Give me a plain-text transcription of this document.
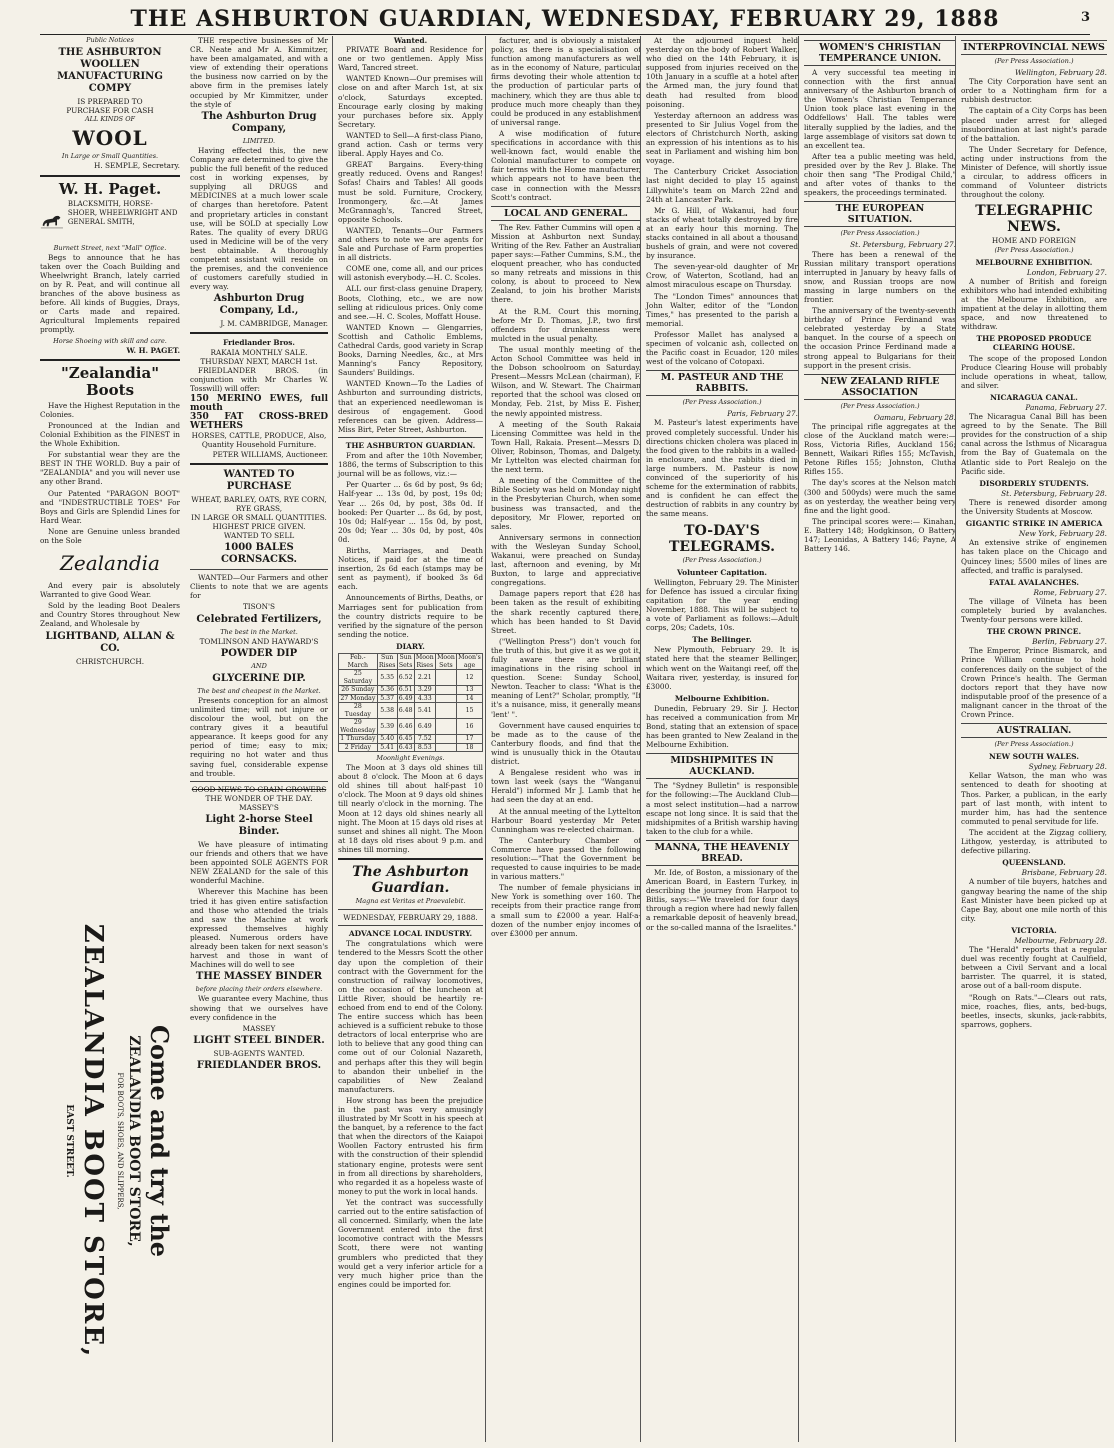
THE ASHBURTON GUARDIAN, WEDNESDAY, FEBRUARY 29, 1888	3
Public Notices
THE ASHBURTON WOOLLEN MANUFACTURING COMPY
IS PREPARED TO
PURCHASE FOR CASH
ALL KINDS OF
WOOL
In Large or Small Quantities.
H. SEMPLE, Secretary.
W. H. Paget.
BLACKSMITH, HORSE-SHOER, WHEELWRIGHT AND GENERAL SMITH,
Burnett Street, next "Mall" Office.

Begs to announce that he has taken over the Coach Building and Wheelwright Branch, lately carried on by R. Peat, and will continue all branches of the above business as before. All kinds of Buggies, Drays, or Carts made and repaired. Agricultural Implements repaired promptly.

Horse Shoeing with skill and care.
W. H. PAGET.
"Zealandia" Boots

Have the Highest Reputation in the Colonies.

Pronounced at the Indian and Colonial Exhibition as the FINEST in the Whole Exhibition.

For substantial wear they are the BEST IN THE WORLD. Buy a pair of "ZEALANDIA" and you will never use any other Brand.

Our Patented "PARAGON BOOT" and "INDESTRUCTIBLE TOES" For Boys and Girls are Splendid Lines for Hard Wear.

None are Genuine unless branded on the Sole

Zealandia

And every pair is absolutely Warranted to give Good Wear.

Sold by the leading Boot Dealers and Country Stores throughout New Zealand, and Wholesale by

LIGHTBAND, ALLAN & CO.
CHRISTCHURCH.
Come and try the
ZEALANDIA BOOT STORE,
FOR BOOTS, SHOES, AND SLIPPERS,
ZEALANDIA BOOT STORE,
EAST STREET.

THE respective businesses of Mr CR. Neate and Mr A. Kimmitzer, have been amalgamated, and with a view of extending their operations the business now carried on by the above firm in the premises lately occupied by Mr Kimmitzer, under the style of

The Ashburton Drug Company,
LIMITED.

Having effected this, the new Company are determined to give the public the full benefit of the reduced cost in working expenses, by supplying all DRUGS and MEDICINES at a much lower scale of charges than heretofore. Patent and proprietary articles in constant use, will be SOLD at specially Low Rates. The quality of every DRUG used in Medicine will be of the very best obtainable. A thoroughly competent assistant will reside on the premises, and the convenience of customers carefully studied in every way.

Ashburton Drug Company, Ld.,
J. M. CAMBRIDGE, Manager.
Friedlander Bros.
RAKAIA MONTHLY SALE.
THURSDAY NEXT, MARCH 1st.

FRIEDLANDER BROS. (in conjunction with Mr Charles W. Tosswill) will offer:

150 MERINO EWES, full mouth
350 FAT CROSS-BRED WETHERS
HORSES, CATTLE, PRODUCE, Also, Quantity Household Furniture.
PETER WILLIAMS, Auctioneer.
WANTED TO PURCHASE
WHEAT, BARLEY, OATS, RYE CORN, RYE GRASS,
IN LARGE OR SMALL QUANTITIES.
HIGHEST PRICE GIVEN.
WANTED TO SELL
1000 BALES CORNSACKS.

WANTED—Our Farmers and other Clients to note that we are agents for

TISON'S
Celebrated Fertilizers,
The best in the Market.
TOMLINSON AND HAYWARD'S
POWDER DIP
AND
GLYCERINE DIP.
The best and cheapest in the Market.

Presents conception for an almost unlimited time; will not injure or discolour the wool, but on the contrary gives it a beautiful appearance. It keeps good for any period of time; easy to mix; requiring no hot water and thus saving fuel, considerable expense and trouble.

GOOD NEWS TO GRAIN GROWERS
THE WONDER OF THE DAY.
MASSEY'S
Light 2-horse Steel Binder.

We have pleasure of intimating our friends and others that we have been appointed SOLE AGENTS FOR NEW ZEALAND for the sale of this wonderful Machine.

Wherever this Machine has been tried it has given entire satisfaction and those who attended the trials and saw the Machine at work expressed themselves highly pleased. Numerous orders have already been taken for next season's harvest and those in want of Machines will do well to see

THE MASSEY BINDER
before placing their orders elsewhere.

We guarantee every Machine, thus showing that we ourselves have every confidence in the

MASSEY
LIGHT STEEL BINDER.
SUB-AGENTS WANTED.
FRIEDLANDER BROS.
Wanted.

PRIVATE Board and Residence for one or two gentlemen. Apply Miss Ward, Tancred street.

WANTED Known—Our premises will close on and after March 1st, at six o'clock, Saturdays excepted. Encourage early closing by making your purchases before six. Apply Secretary.

WANTED to Sell—A first-class Piano, grand action. Cash or terms very liberal. Apply Hayes and Co.

GREAT Bargains. Every-thing greatly reduced. Ovens and Ranges! Sofas! Chairs and Tables! All goods must be sold. Furniture, Crockery, Ironmongery, &c.—At James McGrannagh's, Tancred Street, opposite Schools.

WANTED, Tenants—Our Farmers and others to note we are agents for Sale and Purchase of Farm properties in all districts.

COME one, come all, and our prices will astonish everybody.—H. C. Scoles.

ALL our first-class genuine Drapery, Boots, Clothing, etc., we are now selling at ridiculous prices. Only come and see.—H. C. Scoles, Moffatt House.

WANTED Known — Glengarries, Scottish and Catholic Emblems, Cathedral Cards, good variety in Scrap Books, Darning Needles, &c., at Mrs Manning's Fancy Repository, Saunders' Buildings.

WANTED Known—To the Ladies of Ashburton and surrounding districts, that an experienced needlewoman is desirous of engagement. Good references can be given. Address—Miss Birt, Peter Street, Ashburton.

THE ASHBURTON GUARDIAN.

From and after the 10th November, 1886, the terms of Subscription to this journal will be as follows, viz.:—

Per Quarter ... 6s 6d by post, 9s 6d; Half-year ... 13s 0d, by post, 19s 0d; Year ... 26s 0d, by post, 38s 0d. If booked: Per Quarter ... 8s 6d, by post, 10s 0d; Half-year ... 15s 0d, by post, 20s 0d; Year ... 30s 0d, by post, 40s 0d.

Births, Marriages, and Death Notices, if paid for at the time of insertion, 2s 6d each (stamps may be sent as payment), if booked 3s 6d each.

Announcements of Births, Deaths, or Marriages sent for publication from the country districts require to be verified by the signature of the person sending the notice.

DIARY.
Feb.-March	Sun Rises	Sun Sets	Moon Rises	Moon Sets	Moon's age
25 Saturday	5.35	6.52	2.21		12
26 Sunday	5.36	6.51	3.29		13
27 Monday	5.37	6.49	4.33		14
28 Tuesday	5.38	6.48	5.41		15
29 Wednesday	5.39	6.46	6.49		16
1 Thursday	5.40	6.45	7.52		17
2 Friday	5.41	6.43	8.53		18
Moonlight Evenings.

The Moon at 3 days old shines till about 8 o'clock. The Moon at 6 days old shines till about half-past 10 o'clock. The Moon at 9 days old shines till nearly o'clock in the morning. The Moon at 12 days old shines nearly all night. The Moon at 15 days old rises at sunset and shines all night. The Moon at 18 days old rises about 9 p.m. and shines till morning.

The Ashburton Guardian.
Magna est Veritas et Praevalebit.
WEDNESDAY, FEBRUARY 29, 1888.
ADVANCE LOCAL INDUSTRY.

The congratulations which were tendered to the Messrs Scott the other day upon the completion of their contract with the Government for the construction of railway locomotives, on the occasion of the luncheon at Little River, should be heartily re-echoed from end to end of the Colony. The entire success which has been achieved is a sufficient rebuke to those detractors of local enterprise who are loth to believe that any good thing can come out of our Colonial Nazareth, and perhaps after this they will begin to abandon their unbelief in the capabilities of New Zealand manufacturers.

How strong has been the prejudice in the past was very amusingly illustrated by Mr Scott in his speech at the banquet, by a reference to the fact that when the directors of the Kaiapoi Woollen Factory entrusted his firm with the construction of their splendid stationary engine, protests were sent in from all directions by shareholders, who regarded it as a hopeless waste of money to put the work in local hands.

Yet the contract was successfully carried out to the entire satisfaction of all concerned. Similarly, when the late Government entered into the first locomotive contract with the Messrs Scott, there were not wanting grumblers who predicted that they would get a very inferior article for a very much higher price than the engines could be imported for.

facturer, and is obviously a mistaken policy, as there is a specialisation of function among manufacturers as well as in the economy of Nature, particular firms devoting their whole attention to the production of particular parts of machinery, which they are thus able to produce much more cheaply than they could be produced in any establishment of universal range.

A wise modification of future specifications in accordance with this well-known fact, would enable the Colonial manufacturer to compete on fair terms with the Home manufacturer, which appears not to have been the case in connection with the Messrs Scott's contract.

LOCAL AND GENERAL.

The Rev. Father Cummins will open a Mission at Ashburton next Sunday. Writing of the Rev. Father an Australian paper says:—Father Cummins, S.M., the eloquent preacher, who has conducted so many retreats and missions in this colony, is about to proceed to New Zealand, to join his brother Marists there.

At the R.M. Court this morning, before Mr D. Thomas, J.P., two first offenders for drunkenness were mulcted in the usual penalty.

The usual monthly meeting of the Acton School Committee was held in the Dobson schoolroom on Saturday. Present—Messrs McLean (chairman), F. Wilson, and W. Stewart. The Chairman reported that the school was closed on Monday, Feb. 21st, by Miss E. Fisher, the newly appointed mistress.

A meeting of the South Rakaia Licensing Committee was held in the Town Hall, Rakaia. Present—Messrs D. Oliver, Robinson, Thomas, and Dalgety. Mr Lyttelton was elected chairman for the next term.

A meeting of the Committee of the Bible Society was held on Monday night in the Presbyterian Church, when some business was transacted, and the depository, Mr Flower, reported on sales.

Anniversary sermons in connection with the Wesleyan Sunday School, Wakanui, were preached on Sunday last, afternoon and evening, by Mr Buxton, to large and appreciative congregations.

Damage papers report that £28 has been taken as the result of exhibiting the shark recently captured there, which has been handed to St David Street.

("Wellington Press") don't vouch for the truth of this, but give it as we got it, fully aware there are brilliant imaginations in the rising school in question. Scene: Sunday School, Newton. Teacher to class: "What is the meaning of Lent?" Scholar, promptly, "If it's a nuisance, miss, it generally means 'lent' ".

Government have caused enquiries to be made as to the cause of the Canterbury floods, and find that the wind is unusually thick in the Otautau district.

A Bengalese resident who was in town last week (says the "Wanganui Herald") informed Mr J. Lamb that he had seen the day at an end.

At the annual meeting of the Lyttelton Harbour Board yesterday Mr Peter Cunningham was re-elected chairman.

The Canterbury Chamber of Commerce have passed the following resolution:—"That the Government be requested to cause inquiries to be made in various matters."

The number of female physicians in New York is something over 160. The receipts from their practice range from a small sum to £2000 a year. Half-a-dozen of the number enjoy incomes of over £3000 per annum.

At the adjourned inquest held yesterday on the body of Robert Walker, who died on the 14th February, it is supposed from injuries received on the 10th January in a scuffle at a hotel after the Armed man, the jury found that death had resulted from blood poisoning.

Yesterday afternoon an address was presented to Sir Julius Vogel from the electors of Christchurch North, asking an expression of his intentions as to his seat in Parliament and wishing him bon voyage.

The Canterbury Cricket Association last night decided to play 15 against Lillywhite's team on March 22nd and 24th at Lancaster Park.

Mr G. Hill, of Wakanui, had four stacks of wheat totally destroyed by fire at an early hour this morning. The stacks contained in all about a thousand bushels of grain, and were not covered by insurance.

The seven-year-old daughter of Mr Crow, of Waterton, Scotland, had an almost miraculous escape on Thursday.

The "London Times" announces that John Walter, editor of the "London Times," has presented to the parish a memorial.

Professor Mallet has analysed a specimen of volcanic ash, collected on the Pacific coast in Ecuador, 120 miles west of the volcano of Cotopaxi.

M. PASTEUR AND THE RABBITS.
(Per Press Association.)
Paris, February 27.

M. Pasteur's latest experiments have proved completely successful. Under his directions chicken cholera was placed in the food given to the rabbits in a walled-in enclosure, and the rabbits died in large numbers. M. Pasteur is now convinced of the superiority of his scheme for the extermination of rabbits, and is confident he can effect the destruction of rabbits in any country by the same means.

TO-DAY'S TELEGRAMS.
(Per Press Association.)
Volunteer Capitation.

Wellington, February 29. The Minister for Defence has issued a circular fixing capitation for the year ending November, 1888. This will be subject to a vote of Parliament as follows:—Adult corps, 20s; Cadets, 10s.

The Bellinger.

New Plymouth, February 29. It is stated here that the steamer Bellinger, which went on the Waitangi reef, off the Waitara river, yesterday, is insured for £3000.

Melbourne Exhibition.

Dunedin, February 29. Sir J. Hector has received a communication from Mr Bond, stating that an extension of space has been granted to New Zealand in the Melbourne Exhibition.

MIDSHIPMITES IN AUCKLAND.

The "Sydney Bulletin" is responsible for the following:—The Auckland Club—a most select institution—had a narrow escape not long since. It is said that the midshipmites of a British warship having taken to the club for a while.

MANNA, THE HEAVENLY BREAD.

Mr. Ide, of Boston, a missionary of the American Board, in Eastern Turkey, in describing the journey from Harpoot to Bitlis, says:—"We traveled for four days through a region where had newly fallen a remarkable deposit of heavenly bread, or the so-called manna of the Israelites."

WOMEN'S CHRISTIAN TEMPERANCE UNION.

A very successful tea meeting in connection with the first annual anniversary of the Ashburton branch of the Women's Christian Temperance Union took place last evening in the Oddfellows' Hall. The tables were literally supplied by the ladies, and the large assemblage of visitors sat down to an excellent tea.

After tea a public meeting was held, presided over by the Rev J. Blake. The choir then sang "The Prodigal Child," and after votes of thanks to the speakers, the proceedings terminated.

THE EUROPEAN SITUATION.
(Per Press Association.)
St. Petersburg, February 27.

There has been a renewal of the Russian military transport operations interrupted in January by heavy falls of snow, and Russian troops are now massing in large numbers on the frontier.

The anniversary of the twenty-seventh birthday of Prince Ferdinand was celebrated yesterday by a State banquet. In the course of a speech on the occasion Prince Ferdinand made a strong appeal to Bulgarians for their support in the present crisis.

NEW ZEALAND RIFLE ASSOCIATION
(Per Press Association.)
Oamaru, February 28.

The principal rifle aggregates at the close of the Auckland match were:— Ross, Victoria Rifles, Auckland 156; Bennett, Waikari Rifles 155; McTavish, Petone Rifles 155; Johnston, Clutha Rifles 155.

The day's scores at the Nelson match (300 and 500yds) were much the same as on yesterday, the weather being very fine and the light good.

The principal scores were:— Kinahan, E. Battery 148; Hodgkinson, O Battery 147; Leonidas, A Battery 146; Payne, A Battery 146.

INTERPROVINCIAL NEWS
(Per Press Association.)
Wellington, February 28.

The City Corporation have sent an order to a Nottingham firm for a rubbish destructor.

The captain of a City Corps has been placed under arrest for alleged insubordination at last night's parade of the battalion.

The Under Secretary for Defence, acting under instructions from the Minister of Defence, will shortly issue a circular, to address officers in command of Volunteer districts throughout the colony.

TELEGRAPHIC NEWS.
HOME AND FOREIGN
(Per Press Association.)
MELBOURNE EXHIBITION.
London, February 27.

A number of British and foreign exhibitors who had intended exhibiting at the Melbourne Exhibition, are impatient at the delay in allotting them space, and now threatened to withdraw.

THE PROPOSED PRODUCE CLEARING HOUSE.

The scope of the proposed London Produce Clearing House will probably include operations in wheat, tallow, and silver.

NICARAGUA CANAL.
Panama, February 27.

The Nicaragua Canal Bill has been agreed to by the Senate. The Bill provides for the construction of a ship canal across the Isthmus of Nicaragua from the Bay of Guatemala on the Atlantic side to Port Realejo on the Pacific side.

DISORDERLY STUDENTS.
St. Petersburg, February 28.

There is renewed disorder among the University Students at Moscow.

GIGANTIC STRIKE IN AMERICA
New York, February 28.

An extensive strike of enginemen has taken place on the Chicago and Quincey lines; 5500 miles of lines are affected, and traffic is paralysed.

FATAL AVALANCHES.
Rome, February 27.

The village of Vilneta has been completely buried by avalanches. Twenty-four persons were killed.

THE CROWN PRINCE.
Berlin, February 27.

The Emperor, Prince Bismarck, and Prince William continue to hold conferences daily on the subject of the Crown Prince's health. The German doctors report that they have now indisputable proof of the presence of a malignant cancer in the throat of the Crown Prince.

AUSTRALIAN.
(Per Press Association.)
NEW SOUTH WALES.
Sydney, February 28.

Kellar Watson, the man who was sentenced to death for shooting at Thos. Parker, a publican, in the early part of last month, with intent to murder him, has had the sentence commuted to penal servitude for life.

The accident at the Zigzag colliery, Lithgow, yesterday, is attributed to defective pillaring.

QUEENSLAND.
Brisbane, February 28.

A number of tile buyers, hatches and gangway bearing the name of the ship East Minister have been picked up at Cape Bay, about one mile north of this city.

VICTORIA.
Melbourne, February 28.

The "Herald" reports that a regular duel was recently fought at Caulfield, between a Civil Servant and a local barrister. The quarrel, it is stated, arose out of a ball-room dispute.

"Rough on Rats."—Clears out rats, mice, roaches, flies, ants, bed-bugs, beetles, insects, skunks, jack-rabbits, sparrows, gophers.
